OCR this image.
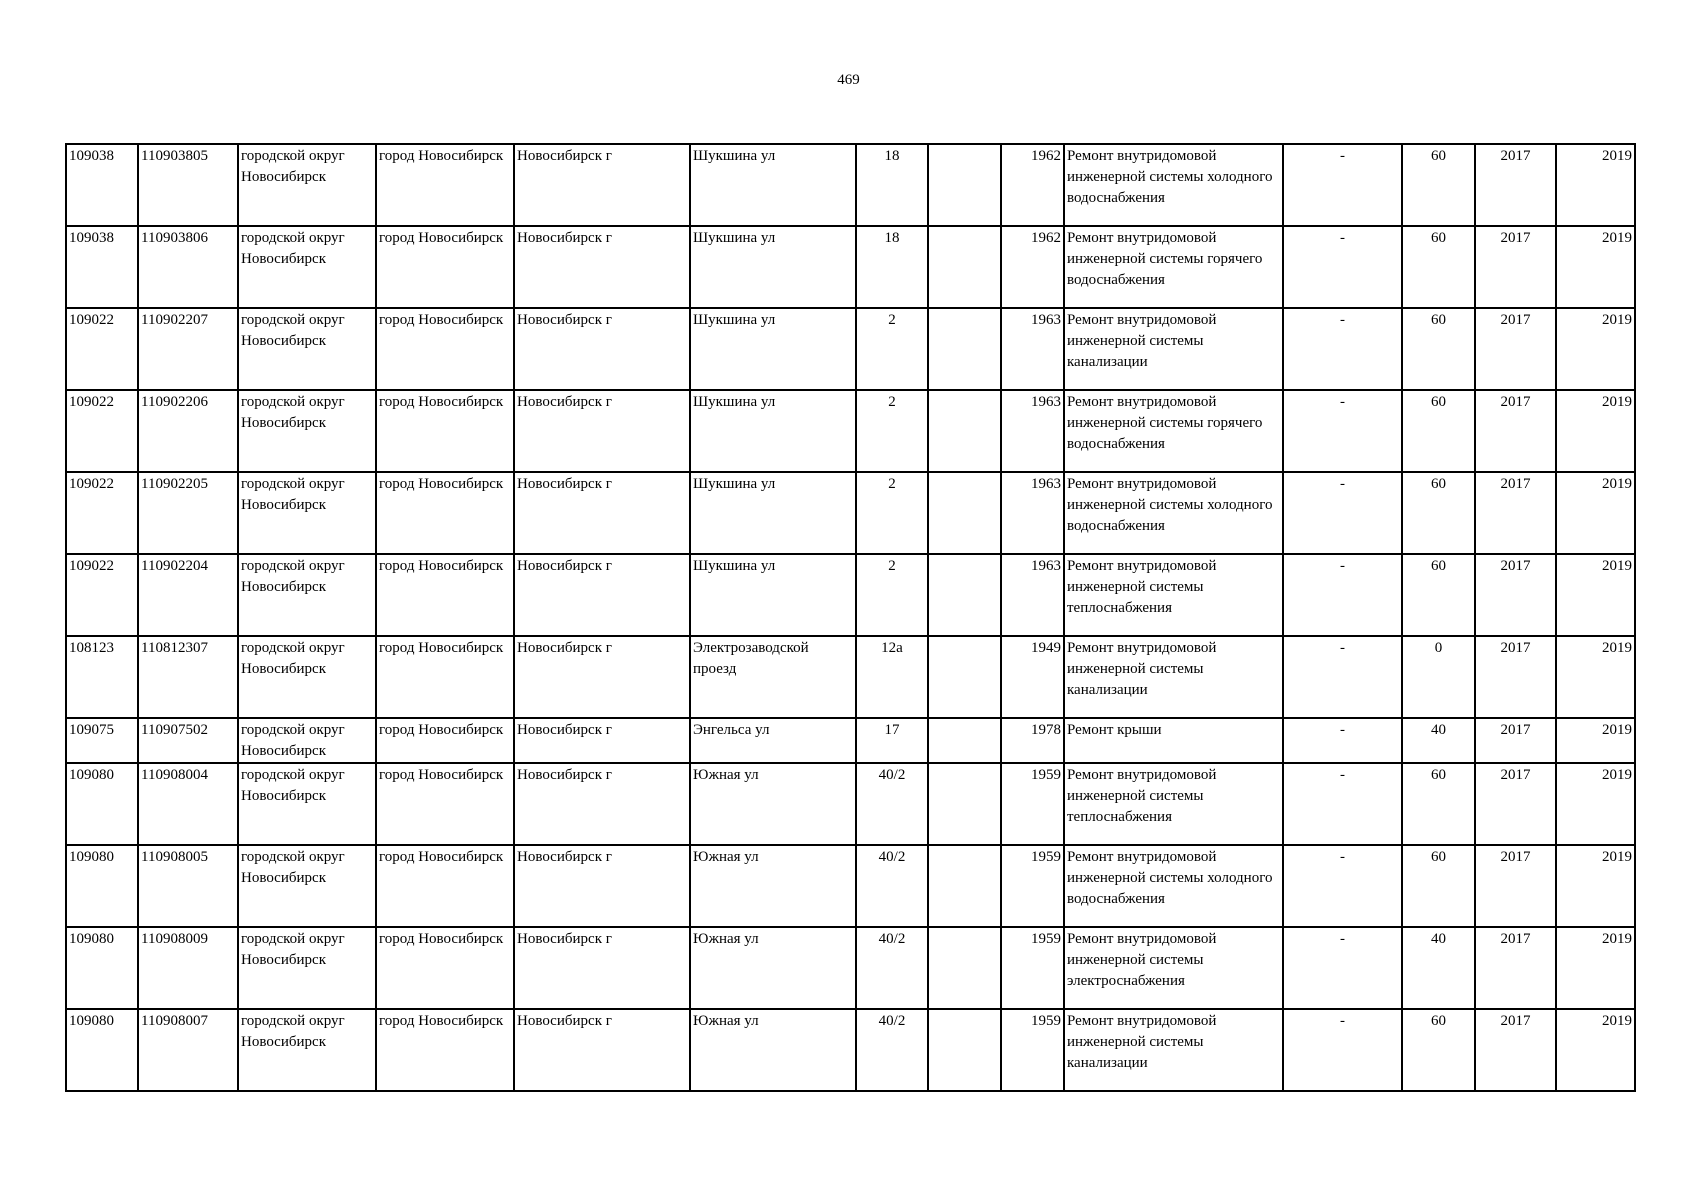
469
109038	110903805	городской округ Новосибирск	город Новосибирск	Новосибирск г	Шукшина ул	18		1962	Ремонт внутридомовой инженерной системы холодного водоснабжения	-	60	2017	2019
109038	110903806	городской округ Новосибирск	город Новосибирск	Новосибирск г	Шукшина ул	18		1962	Ремонт внутридомовой инженерной системы горячего водоснабжения	-	60	2017	2019
109022	110902207	городской округ Новосибирск	город Новосибирск	Новосибирск г	Шукшина ул	2		1963	Ремонт внутридомовой инженерной системы канализации	-	60	2017	2019
109022	110902206	городской округ Новосибирск	город Новосибирск	Новосибирск г	Шукшина ул	2		1963	Ремонт внутридомовой инженерной системы горячего водоснабжения	-	60	2017	2019
109022	110902205	городской округ Новосибирск	город Новосибирск	Новосибирск г	Шукшина ул	2		1963	Ремонт внутридомовой инженерной системы холодного водоснабжения	-	60	2017	2019
109022	110902204	городской округ Новосибирск	город Новосибирск	Новосибирск г	Шукшина ул	2		1963	Ремонт внутридомовой инженерной системы теплоснабжения	-	60	2017	2019
108123	110812307	городской округ Новосибирск	город Новосибирск	Новосибирск г	Электрозаводской проезд	12а		1949	Ремонт внутридомовой инженерной системы канализации	-	0	2017	2019
109075	110907502	городской округ Новосибирск	город Новосибирск	Новосибирск г	Энгельса ул	17		1978	Ремонт крыши	-	40	2017	2019
109080	110908004	городской округ Новосибирск	город Новосибирск	Новосибирск г	Южная ул	40/2		1959	Ремонт внутридомовой инженерной системы теплоснабжения	-	60	2017	2019
109080	110908005	городской округ Новосибирск	город Новосибирск	Новосибирск г	Южная ул	40/2		1959	Ремонт внутридомовой инженерной системы холодного водоснабжения	-	60	2017	2019
109080	110908009	городской округ Новосибирск	город Новосибирск	Новосибирск г	Южная ул	40/2		1959	Ремонт внутридомовой инженерной системы электроснабжения	-	40	2017	2019
109080	110908007	городской округ Новосибирск	город Новосибирск	Новосибирск г	Южная ул	40/2		1959	Ремонт внутридомовой инженерной системы канализации	-	60	2017	2019
